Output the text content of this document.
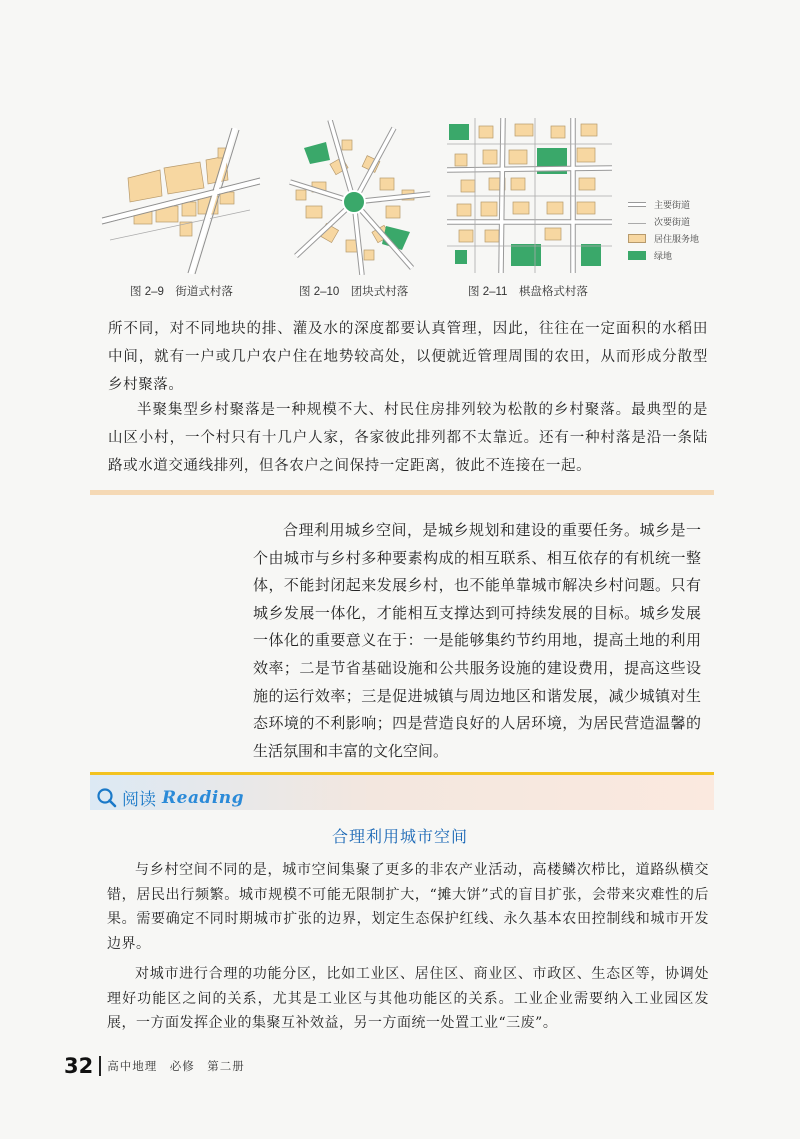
图 2–9　街道式村落	图 2–10　团块式村落	图 2–11　棋盘格式村落
主要街道
次要街道
居住服务地
绿地

所不同，对不同地块的排、灌及水的深度都要认真管理，因此，往往在一定面积的水稻田中间，就有一户或几户农户住在地势较高处，以便就近管理周围的农田，从而形成分散型乡村聚落。

半聚集型乡村聚落是一种规模不大、村民住房排列较为松散的乡村聚落。最典型的是山区小村，一个村只有十几户人家，各家彼此排列都不太靠近。还有一种村落是沿一条陆路或水道交通线排列，但各农户之间保持一定距离，彼此不连接在一起。

合理利用城乡空间，是城乡规划和建设的重要任务。城乡是一个由城市与乡村多种要素构成的相互联系、相互依存的有机统一整体，不能封闭起来发展乡村，也不能单靠城市解决乡村问题。只有城乡发展一体化，才能相互支撑达到可持续发展的目标。城乡发展一体化的重要意义在于：一是能够集约节约用地，提高土地的利用效率；二是节省基础设施和公共服务设施的建设费用，提高这些设施的运行效率；三是促进城镇与周边地区和谐发展，减少城镇对生态环境的不利影响；四是营造良好的人居环境，为居民营造温馨的生活氛围和丰富的文化空间。

阅读 Reading
合理利用城市空间

与乡村空间不同的是，城市空间集聚了更多的非农产业活动，高楼鳞次栉比，道路纵横交错，居民出行频繁。城市规模不可能无限制扩大，“摊大饼”式的盲目扩张，会带来灾难性的后果。需要确定不同时期城市扩张的边界，划定生态保护红线、永久基本农田控制线和城市开发边界。

对城市进行合理的功能分区，比如工业区、居住区、商业区、市政区、生态区等，协调处理好功能区之间的关系，尤其是工业区与其他功能区的关系。工业企业需要纳入工业园区发展，一方面发挥企业的集聚互补效益，另一方面统一处置工业“三废”。

32 高中地理　必修　第二册
